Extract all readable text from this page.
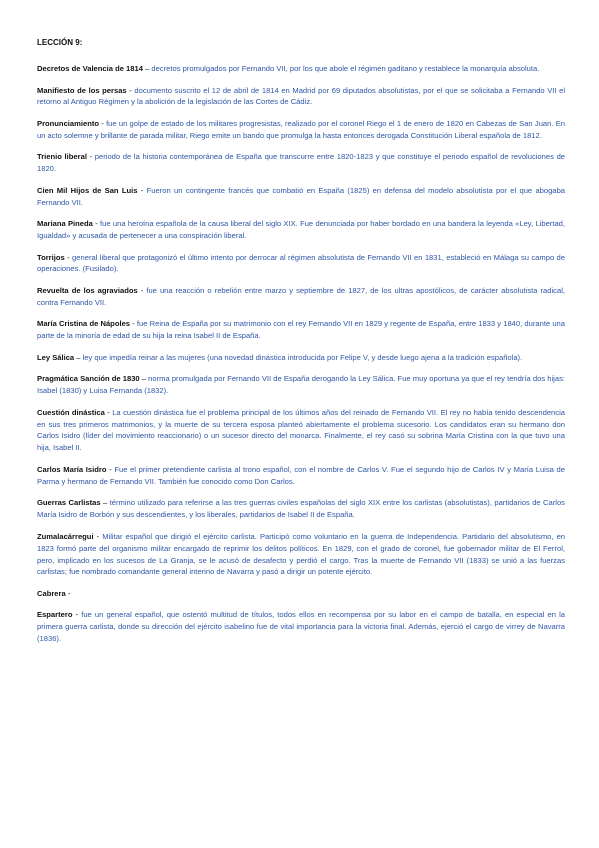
LECCIÓN 9:

Decretos de Valencia de 1814 – decretos promulgados por Fernando VII, por los que abole el régimen gaditano y restablece la monarquía absoluta.

Manifiesto de los persas - documento suscrito el 12 de abril de 1814 en Madrid por 69 diputados absolutistas, por el que se solicitaba a Fernando VII el retorno al Antiguo Régimen y la abolición de la legislación de las Cortes de Cádiz.

Pronunciamiento - fue un golpe de estado de los militares progresistas, realizado por el coronel Riego el 1 de enero de 1820 en Cabezas de San Juan. En un acto solemne y brillante de parada militar, Riego emite un bando que promulga la hasta entonces derogada Constitución Liberal española de 1812.

Trienio liberal - periodo de la historia contemporánea de España que transcurre entre 1820-1823 y que constituye el periodo español de revoluciones de 1820.

Cien Mil Hijos de San Luis - Fueron un contingente francés que combatió en España (1825) en defensa del modelo absolutista por el que abogaba Fernando VII.

Mariana Pineda - fue una heroína española de la causa liberal del siglo XIX. Fue denunciada por haber bordado en una bandera la leyenda «Ley, Libertad, Igualdad» y acusada de pertenecer a una conspiración liberal.

Torrijos - general liberal que protagonizó el último intento por derrocar al régimen absolutista de Fernando VII en 1831, estableció en Málaga su campo de operaciones. (Fusilado).

Revuelta de los agraviados - fue una reacción o rebelión entre marzo y septiembre de 1827, de los ultras apostólicos, de carácter absolutista radical, contra Fernando VII.

María Cristina de Nápoles - fue Reina de España por su matrimonio con el rey Fernando VII en 1829 y regente de España, entre 1833 y 1840, durante una parte de la minoría de edad de su hija la reina Isabel II de España.

Ley Sálica – ley que impedía reinar a las mujeres (una novedad dinástica introducida por Felipe V, y desde luego ajena a la tradición española).

Pragmática Sanción de 1830 – norma promulgada por Fernando VII de España derogando la Ley Sálica. Fue muy oportuna ya que el rey tendría dos hijas: Isabel (1830) y Luisa Fernanda (1832).

Cuestión dinástica - La cuestión dinástica fue el problema principal de los últimos años del reinado de Fernando VII. El rey no había tenido descendencia en sus tres primeros matrimonios, y la muerte de su tercera esposa planteó abiertamente el problema sucesorio. Los candidatos eran su hermano don Carlos Isidro (líder del movimiento reaccionario) o un sucesor directo del monarca. Finalmente, el rey casó su sobrina María Cristina con la que tuvo una hija, Isabel II.

Carlos María Isidro - Fue el primer pretendiente carlista al trono español, con el nombre de Carlos V. Fue el segundo hijo de Carlos IV y María Luisa de Parma y hermano de Fernando VII. También fue conocido como Don Carlos.

Guerras Carlistas – término utilizado para referirse a las tres guerras civiles españolas del siglo XIX entre los carlistas (absolutistas), partidarios de Carlos María Isidro de Borbón y sus descendientes, y los liberales, partidarios de Isabel II de España.

Zumalacárregui - Militar español que dirigió el ejército carlista. Participó como voluntario en la guerra de Independencia. Partidario del absolutismo, en 1823 formó parte del organismo militar encargado de reprimir los delitos políticos. En 1829, con el grado de coronel, fue gobernador militar de El Ferrol, pero, implicado en los sucesos de La Granja, se le acusó de desafecto y perdió el cargo. Tras la muerte de Fernando VII (1833) se unió a las fuerzas carlistas; fue nombrado comandante general interino de Navarra y pasó a dirigir un potente ejército.

Cabrera -

Espartero - fue un general español, que ostentó multitud de títulos, todos ellos en recompensa por su labor en el campo de batalla, en especial en la primera guerra carlista, donde su dirección del ejército isabelino fue de vital importancia para la victoria final. Además, ejerció el cargo de virrey de Navarra (1836).
